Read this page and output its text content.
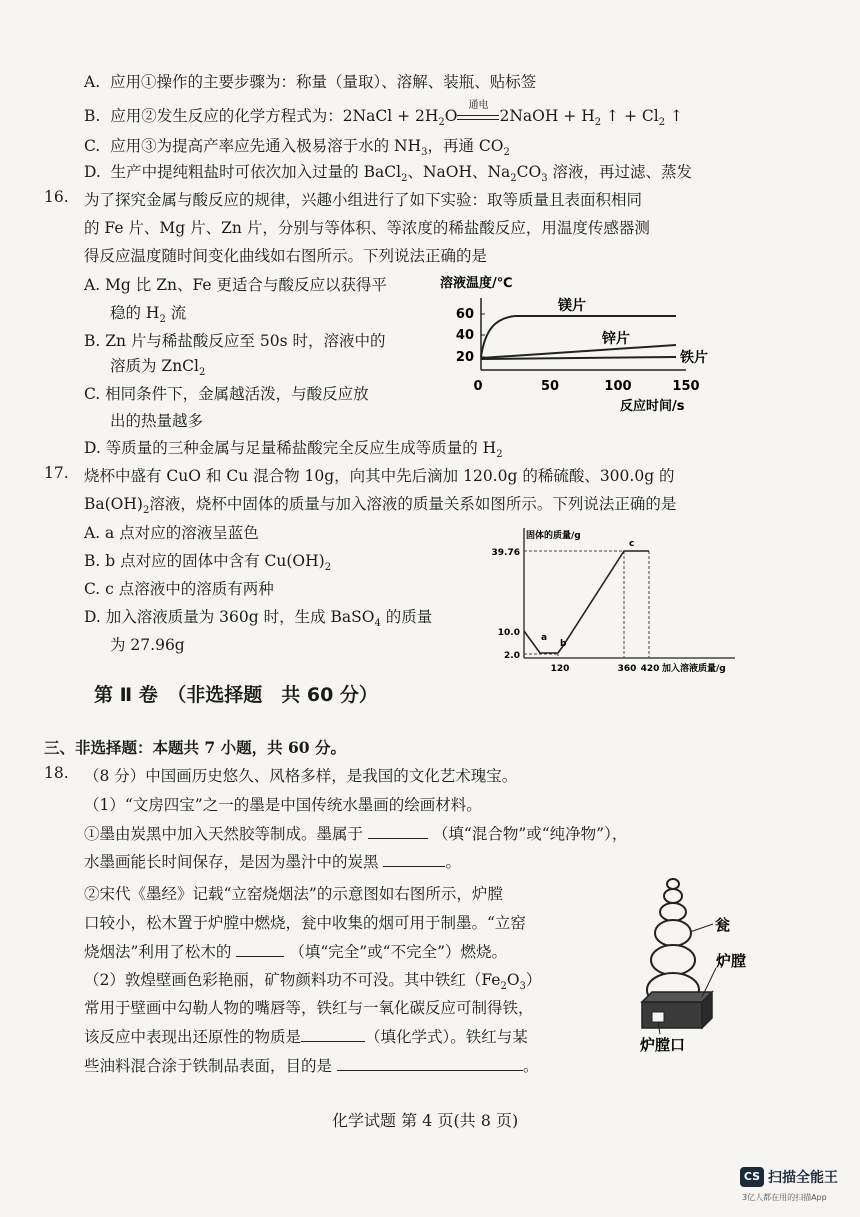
A. 应用①操作的主要步骤为：称量（量取）、溶解、装瓶、贴标签
B. 应用②发生反应的化学方程式为：2NaCl + $2H_2O$
通电
2NaOH + $H_2$ ↑ + $Cl_2$ ↑
C. 应用③为提高产率应先通入极易溶于水的 $NH_3$，再通 $CO_2$
D. 生产中提纯粗盐时可依次加入过量的 BaCl$_2$、NaOH、$Na_2CO_3$ 溶液，再过滤、蒸发
16. 为了探究金属与酸反应的规律，兴趣小组进行了如下实验：取等质量且表面积相同
的 Fe 片、Mg 片、Zn 片，分别与等体积、等浓度的稀盐酸反应，用温度传感器测
得反应温度随时间变化曲线如右图所示。下列说法正确的是
A. Mg 比 Zn、Fe 更适合与酸反应以获得平
稳的 $H_2$ 流
B. Zn 片与稀盐酸反应至 50s 时，溶液中的
溶质为 ZnCl$_2$
C. 相同条件下，金属越活泼，与酸反应放
出的热量越多
D. 等质量的三种金属与足量稀盐酸完全反应生成等质量的 $H_2$
溶液温度/℃
60
40
20
0	50	100	150
镁片
锌片
铁片
反应时间/s
17. 烧杯中盛有 CuO 和 Cu 混合物 10g，向其中先后滴加 120.0g 的稀硫酸、300.0g 的
$Ba(OH)_2$溶液，烧杯中固体的质量与加入溶液的质量关系如图所示。下列说法正确的是
A. a 点对应的溶液呈蓝色
B. b 点对应的固体中含有 $Cu(OH)_2$
C. c 点溶液中的溶质有两种
D. 加入溶液质量为 360g 时，生成 BaSO$_4$ 的质量
为 27.96g
固体的质量/g
39.76
10.0
2.0
a
b
c
120	360 420 加入溶液质量/g
第 Ⅱ 卷　（非选择题　共 60 分）
三、非选择题：本题共 7 小题，共 60 分。
18. （8 分）中国画历史悠久、风格多样，是我国的文化艺术瑰宝。
（1）“文房四宝”之一的墨是中国传统水墨画的绘画材料。
①墨由炭黑中加入天然胶等制成。墨属于	（填“混合物”或“纯净物”），
水墨画能长时间保存，是因为墨汁中的炭黑	。
②宋代《墨经》记载“立窑烧烟法”的示意图如右图所示，炉膛
口较小，松木置于炉膛中燃烧，瓮中收集的烟可用于制墨。“立窑
烧烟法”利用了松木的	（填“完全”或“不完全”）燃烧。
（2）敦煌壁画色彩艳丽，矿物颜料功不可没。其中铁红$(Fe_2O_3)$
常用于壁画中勾勒人物的嘴唇等，铁红与一氧化碳反应可制得铁，
该反应中表现出还原性的物质是	（填化学式）。铁红与某
些油料混合涂于铁制品表面，目的是	。
瓮
炉膛
炉膛口
化学试题 第 4 页(共 8 页)
CS 扫描全能王
3亿人都在用的扫描App
